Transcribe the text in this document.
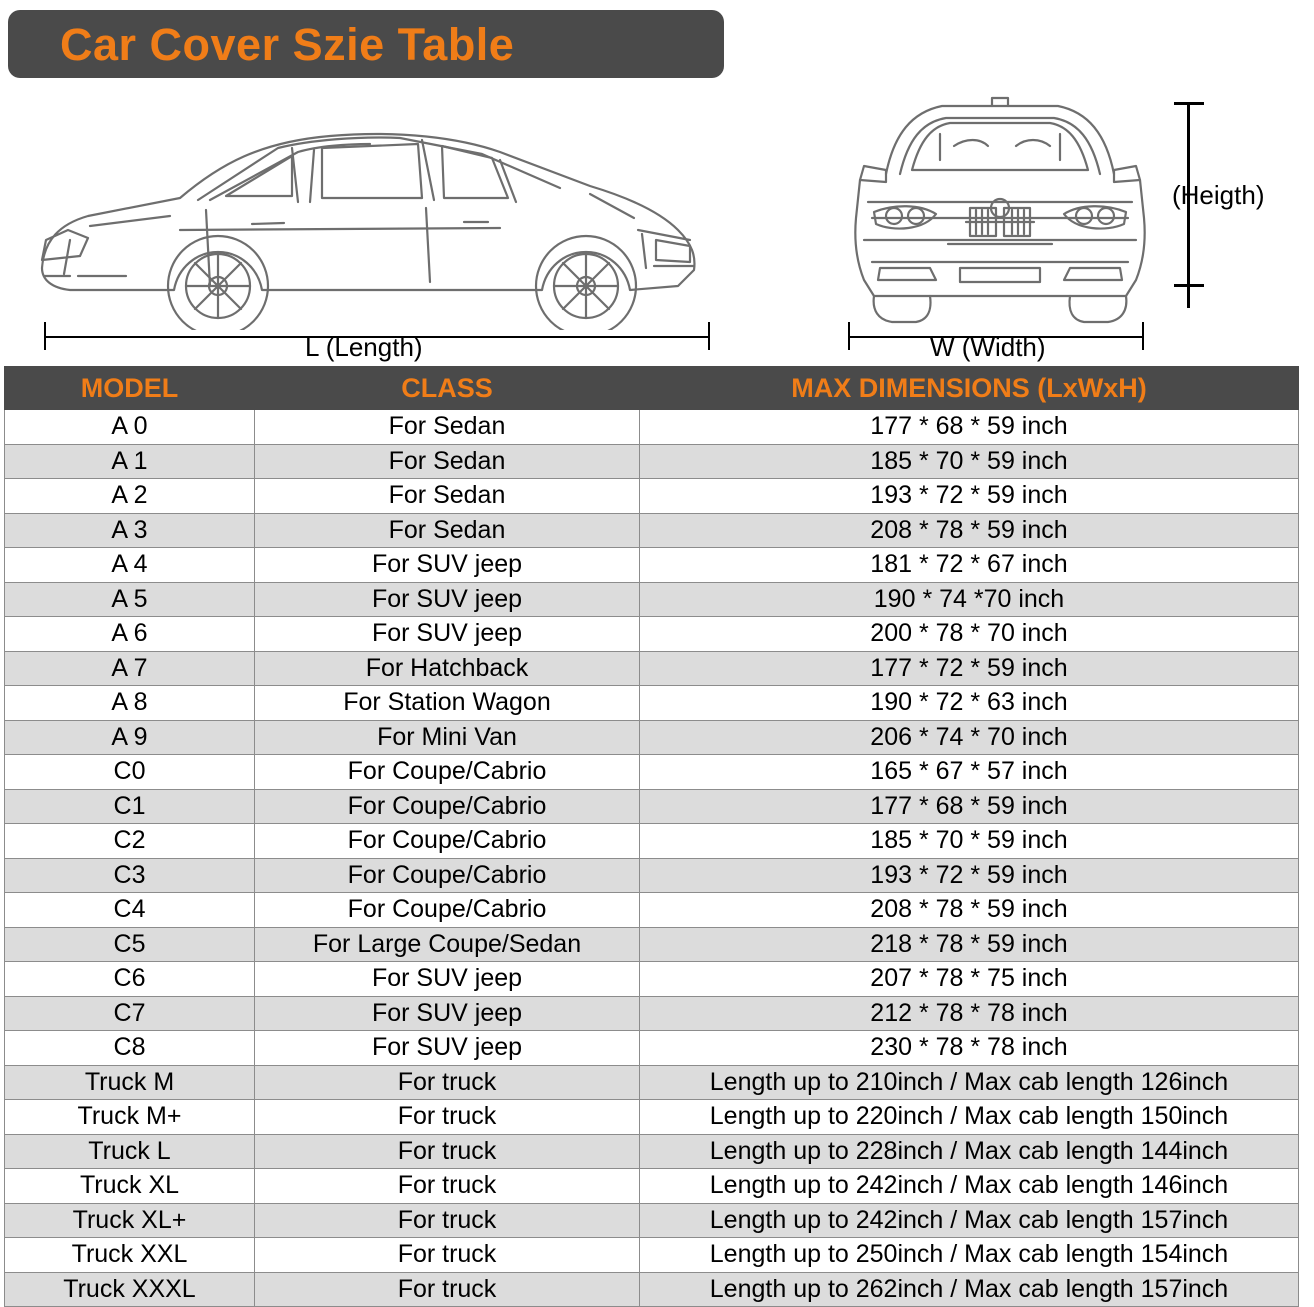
Car Cover Szie Table
L (Length)	W (Width)
(Heigth)
MODEL	CLASS	MAX DIMENSIONS (LxWxH)
A 0	For Sedan	177 * 68 * 59 inch
A 1	For Sedan	185 * 70 * 59 inch
A 2	For Sedan	193 * 72 * 59 inch
A 3	For Sedan	208 * 78 * 59 inch
A 4	For SUV jeep	181 * 72 * 67 inch
A 5	For SUV jeep	190 * 74 *70 inch
A 6	For SUV jeep	200 * 78 * 70 inch
A 7	For Hatchback	177 * 72 * 59 inch
A 8	For Station Wagon	190 * 72 * 63 inch
A 9	For Mini Van	206 * 74 * 70 inch
C0	For Coupe/Cabrio	165 * 67 * 57 inch
C1	For Coupe/Cabrio	177 * 68 * 59 inch
C2	For Coupe/Cabrio	185 * 70 * 59 inch
C3	For Coupe/Cabrio	193 * 72 * 59 inch
C4	For Coupe/Cabrio	208 * 78 * 59 inch
C5	For Large Coupe/Sedan	218 * 78 * 59 inch
C6	For SUV jeep	207 * 78 * 75 inch
C7	For SUV jeep	212 * 78 * 78 inch
C8	For SUV jeep	230 * 78 * 78 inch
Truck M	For truck	Length up to 210inch / Max cab length 126inch
Truck M+	For truck	Length up to 220inch / Max cab length 150inch
Truck L	For truck	Length up to 228inch / Max cab length 144inch
Truck XL	For truck	Length up to 242inch / Max cab length 146inch
Truck XL+	For truck	Length up to 242inch / Max cab length 157inch
Truck XXL	For truck	Length up to 250inch / Max cab length 154inch
Truck XXXL	For truck	Length up to 262inch / Max cab length 157inch
